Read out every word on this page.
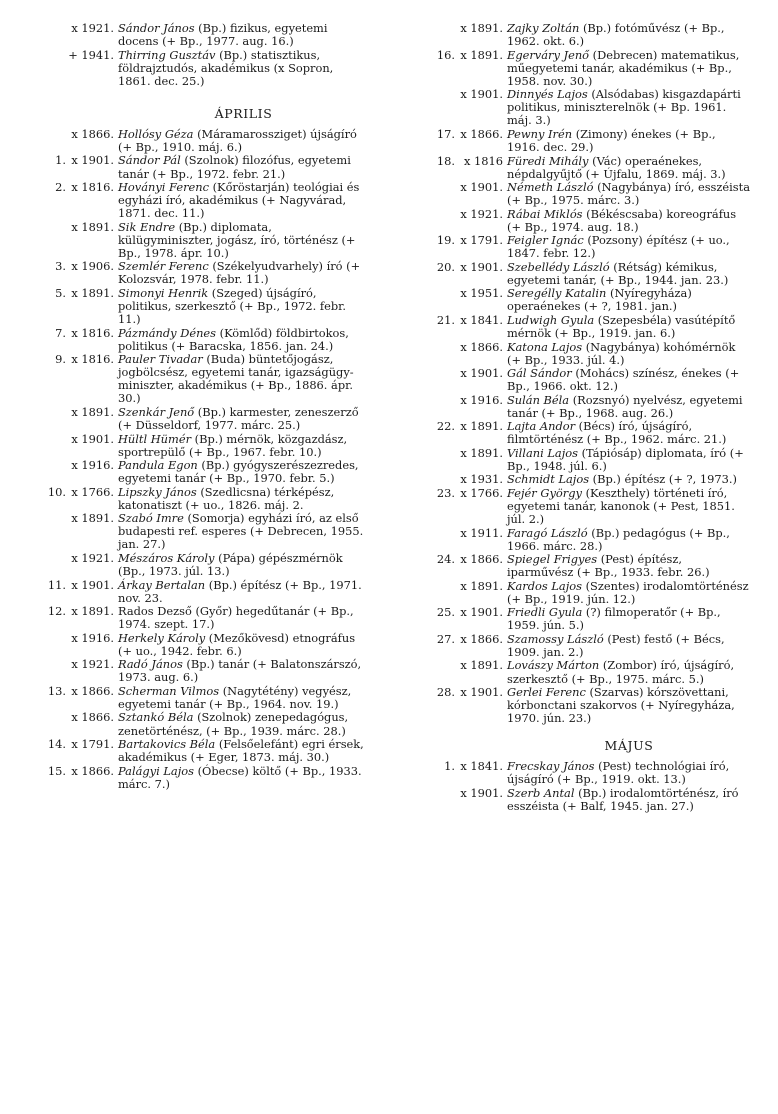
x 1921. Sándor János (Bp.) fizikus, egyetemi docens (+ Bp., 1977. aug. 16.)
+ 1941. Thirring Gusztáv (Bp.) statisztikus, földrajztudós, akadémikus (x Sopron, 1861. dec. 25.)
ÁPRILIS
x 1866. Hollósy Géza (Máramarossziget) újságíró (+ Bp., 1910. máj. 6.)
1. x 1901. Sándor Pál (Szolnok) filozófus, egyetemi tanár (+ Bp., 1972. febr. 21.)
2. x 1816. Hoványi Ferenc (Kőröstarján) teológiai és egyházi író, akadémikus (+ Nagyvárad, 1871. dec. 11.)
x 1891. Sik Endre (Bp.) diplomata, külügyminiszter, jogász, író, történész (+ Bp., 1978. ápr. 10.)
3. x 1906. Szemlér Ferenc (Székelyudvarhely) író (+ Kolozsvár, 1978. febr. 11.)
5. x 1891. Simonyi Henrik (Szeged) újságíró, politikus, szerkesztő (+ Bp., 1972. febr. 11.)
7. x 1816. Pázmándy Dénes (Kömlőd) földbirtokos, politikus (+ Baracska, 1856. jan. 24.)
9. x 1816. Pauler Tivadar (Buda) büntetőjogász, jogbölcsész, egyetemi tanár, igazságügy-miniszter, akadémikus (+ Bp., 1886. ápr. 30.)
x 1891. Szenkár Jenő (Bp.) karmester, zeneszerző (+ Düsseldorf, 1977. márc. 25.)
x 1901. Hültl Hümér (Bp.) mérnök, közgazdász, sportrepülő (+ Bp., 1967. febr. 10.)
x 1916. Pandula Egon (Bp.) gyógyszerészezredes, egyetemi tanár (+ Bp., 1970. febr. 5.)
10. x 1766. Lipszky János (Szedlicsna) térképész, katonatiszt (+ uo., 1826. máj. 2.
x 1891. Szabó Imre (Somorja) egyházi író, az első budapesti ref. esperes (+ Debrecen, 1955. jan. 27.)
x 1921. Mészáros Károly (Pápa) gépészmérnök (Bp., 1973. júl. 13.)
11. x 1901. Árkay Bertalan (Bp.) építész (+ Bp., 1971. nov. 23.
12. x 1891. Rados Dezső (Győr) hegedűtanár (+ Bp., 1974. szept. 17.)
x 1916. Herkely Károly (Mezőkövesd) etnográfus (+ uo., 1942. febr. 6.)
x 1921. Radó János (Bp.) tanár (+ Balatonszárszó, 1973. aug. 6.)
13. x 1866. Scherman Vilmos (Nagytétény) vegyész, egyetemi tanár (+ Bp., 1964. nov. 19.)
x 1866. Sztankó Béla (Szolnok) zenepedagógus, zenetörténész, (+ Bp., 1939. márc. 28.)
14. x 1791. Bartakovics Béla (Felsőelefánt) egri érsek, akadémikus (+ Eger, 1873. máj. 30.)
15. x 1866. Palágyi Lajos (Óbecse) költő (+ Bp., 1933. márc. 7.)
x 1891. Zajky Zoltán (Bp.) fotóművész (+ Bp., 1962. okt. 6.)
16. x 1891. Egerváry Jenő (Debrecen) matematikus, műegyetemi tanár, akadémikus (+ Bp., 1958. nov. 30.)
x 1901. Dinnyés Lajos (Alsódabas) kisgazdapárti politikus, miniszterelnök (+ Bp. 1961. máj. 3.)
17. x 1866. Pewny Irén (Zimony) énekes (+ Bp., 1916. dec. 29.)
18. x 1816 Füredi Mihály (Vác) operaénekes, népdalgyűjtő (+ Újfalu, 1869. máj. 3.)
x 1901. Németh László (Nagybánya) író, esszéista (+ Bp., 1975. márc. 3.)
x 1921. Rábai Miklós (Békéscsaba) koreográfus (+ Bp., 1974. aug. 18.)
19. x 1791. Feigler Ignác (Pozsony) építész (+ uo., 1847. febr. 12.)
20. x 1901. Szebellédy László (Rétság) kémikus, egyetemi tanár, (+ Bp., 1944. jan. 23.)
x 1951. Seregélly Katalin (Nyíregyháza) operaénekes (+ ?, 1981. jan.)
21. x 1841. Ludwigh Gyula (Szepesbéla) vasútépítő mérnök (+ Bp., 1919. jan. 6.)
x 1866. Katona Lajos (Nagybánya) kohómérnök (+ Bp., 1933. júl. 4.)
x 1901. Gál Sándor (Mohács) színész, énekes (+ Bp., 1966. okt. 12.)
x 1916. Sulán Béla (Rozsnyó) nyelvész, egyetemi tanár (+ Bp., 1968. aug. 26.)
22. x 1891. Lajta Andor (Bécs) író, újságíró, filmtörténész (+ Bp., 1962. márc. 21.)
x 1891. Villani Lajos (Tápiósáp) diplomata, író (+ Bp., 1948. júl. 6.)
x 1931. Schmidt Lajos (Bp.) építész (+ ?, 1973.)
23. x 1766. Fejér György (Keszthely) történeti író, egyetemi tanár, kanonok (+ Pest, 1851. júl. 2.)
x 1911. Faragó László (Bp.) pedagógus (+ Bp., 1966. márc. 28.)
24. x 1866. Spiegel Frigyes (Pest) építész, iparművész (+ Bp., 1933. febr. 26.)
x 1891. Kardos Lajos (Szentes) irodalomtörténész (+ Bp., 1919. jún. 12.)
25. x 1901. Friedli Gyula (?) filmoperatőr (+ Bp., 1959. jún. 5.)
27. x 1866. Szamossy László (Pest) festő (+ Bécs, 1909. jan. 2.)
x 1891. Lovászy Márton (Zombor) író, újságíró, szerkesztő (+ Bp., 1975. márc. 5.)
28. x 1901. Gerlei Ferenc (Szarvas) kórszövettani, kórbonctani szakorvos (+ Nyíregyháza, 1970. jún. 23.)
MÁJUS
1. x 1841. Frecskay János (Pest) technológiai író, újságíró (+ Bp., 1919. okt. 13.)
x 1901. Szerb Antal (Bp.) irodalomtörténész, író esszéista (+ Balf, 1945. jan. 27.)
